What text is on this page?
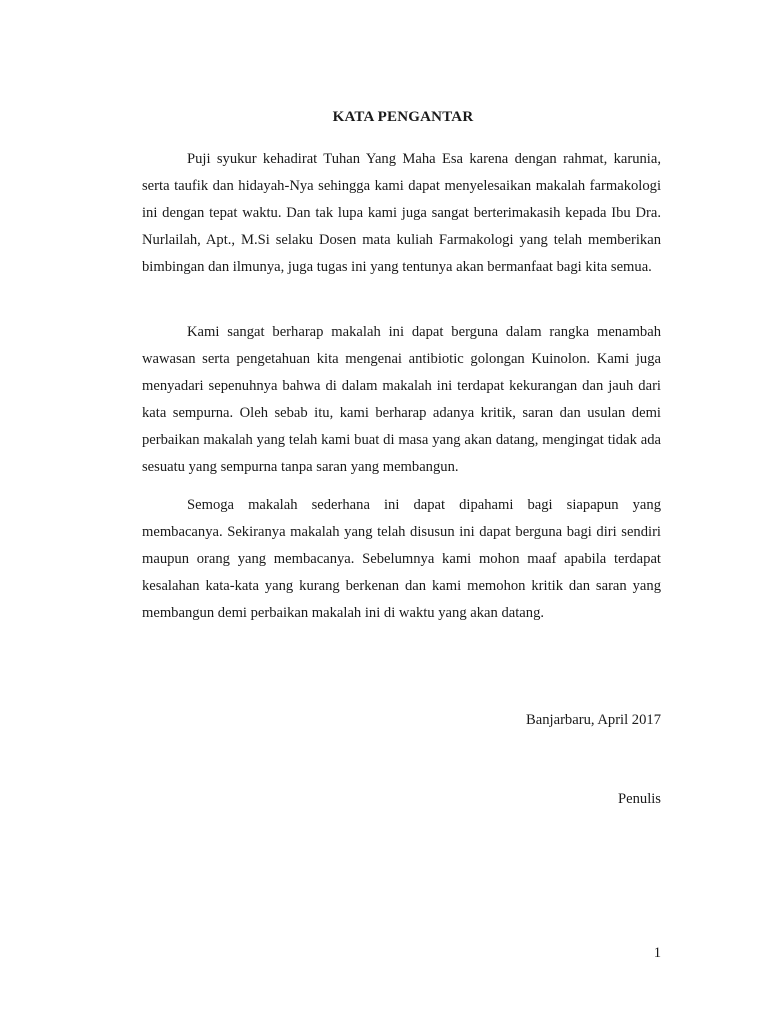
KATA PENGANTAR

Puji syukur kehadirat Tuhan Yang Maha Esa karena dengan rahmat, karunia, serta taufik dan hidayah-Nya sehingga kami dapat menyelesaikan makalah farmakologi ini dengan tepat waktu. Dan tak lupa kami juga sangat berterimakasih kepada Ibu Dra. Nurlailah, Apt., M.Si selaku Dosen mata kuliah Farmakologi yang telah memberikan bimbingan dan ilmunya, juga tugas ini yang tentunya akan bermanfaat bagi kita semua.

Kami sangat berharap makalah ini dapat berguna dalam rangka menambah wawasan serta pengetahuan kita mengenai antibiotic golongan Kuinolon. Kami juga menyadari sepenuhnya bahwa di dalam makalah ini terdapat kekurangan dan jauh dari kata sempurna. Oleh sebab itu, kami berharap adanya kritik, saran dan usulan demi perbaikan makalah yang telah kami buat di masa yang akan datang, mengingat tidak ada sesuatu yang sempurna tanpa saran yang membangun.

Semoga makalah sederhana ini dapat dipahami bagi siapapun yang membacanya. Sekiranya makalah yang telah disusun ini dapat berguna bagi diri sendiri maupun orang yang membacanya. Sebelumnya kami mohon maaf apabila terdapat kesalahan kata-kata yang kurang berkenan dan kami memohon kritik dan saran yang membangun demi perbaikan makalah ini di waktu yang akan datang.

Banjarbaru, April 2017
Penulis
1
